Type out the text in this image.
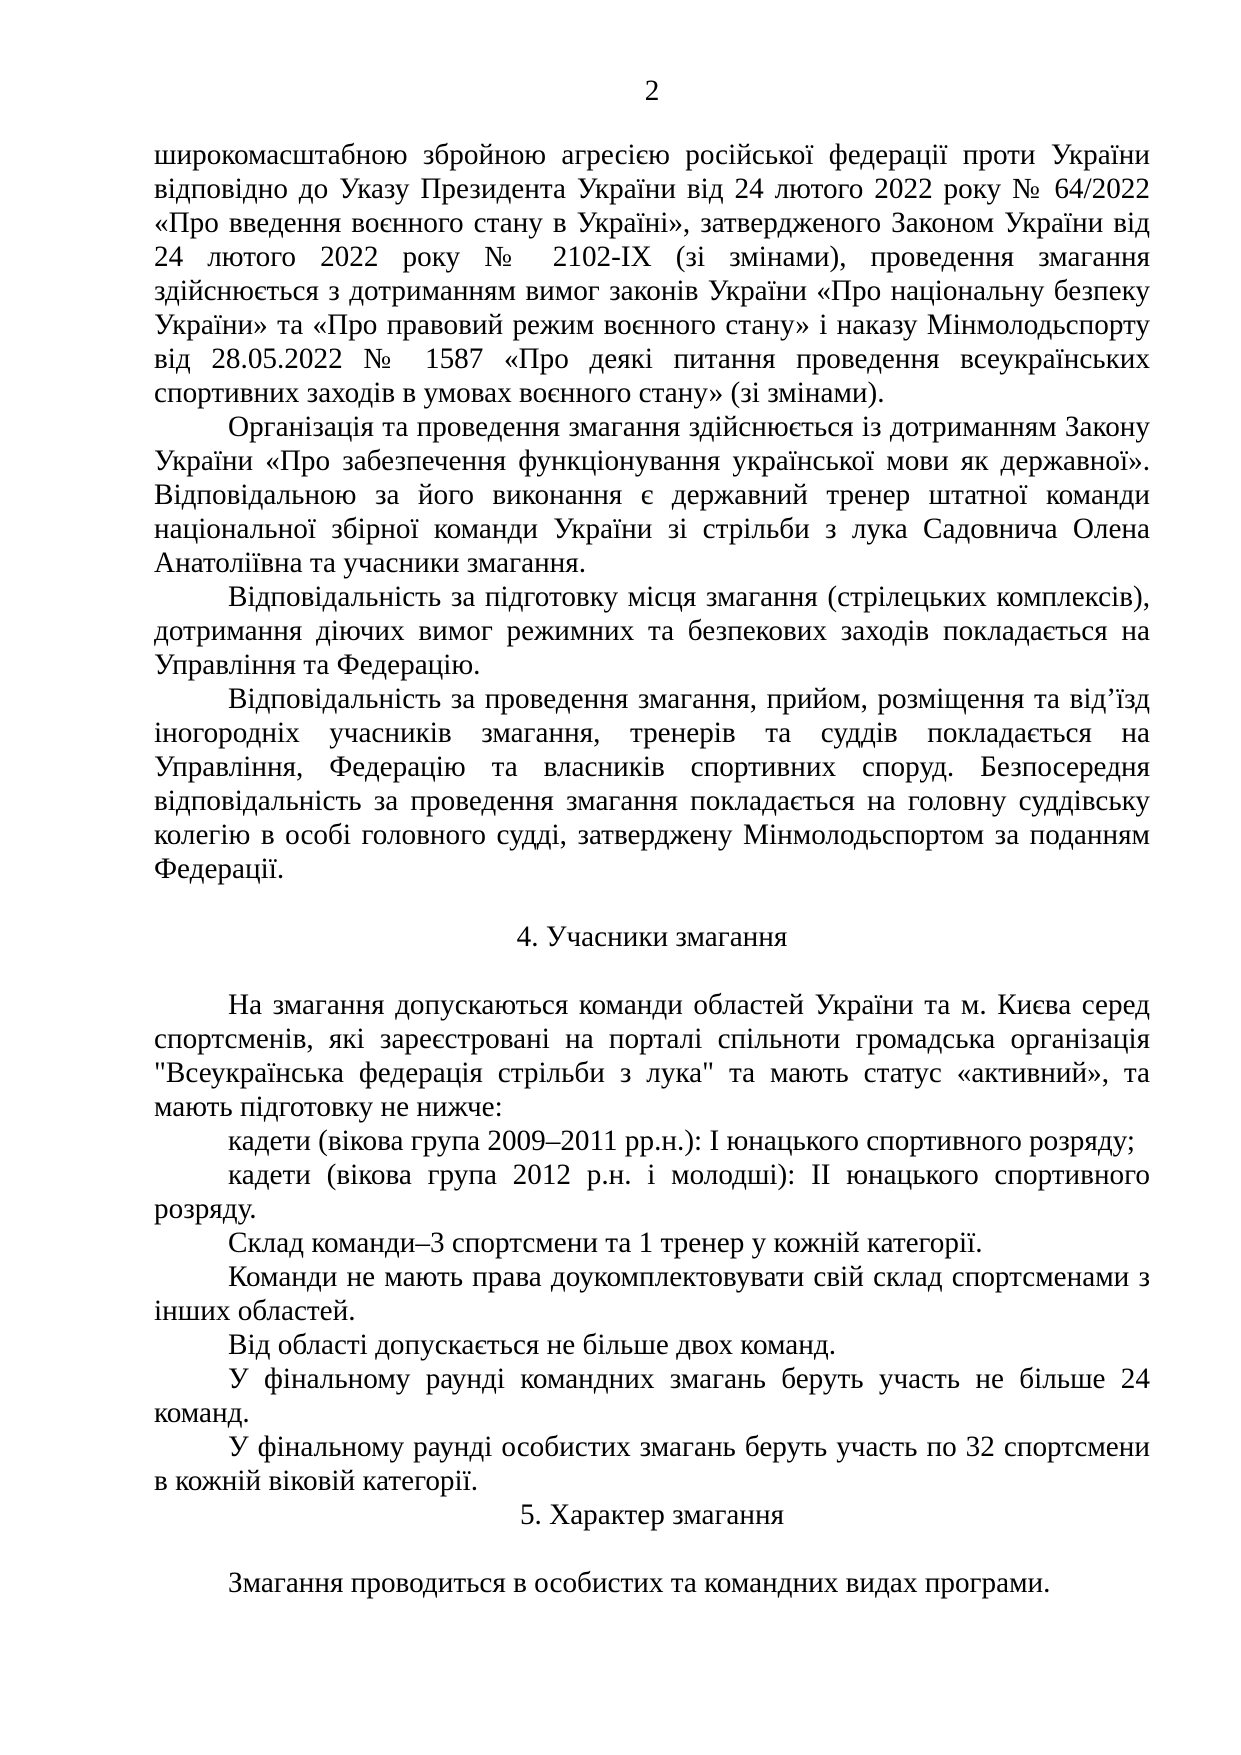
2

широкомасштабною збройною агресією російської федерації проти України відповідно до Указу Президента України від 24 лютого 2022 року № 64/2022 «Про введення воєнного стану в Україні», затвердженого Законом України від 24 лютого 2022 року № 2102-IX (зі змінами), проведення змагання здійснюється з дотриманням вимог законів України «Про національну безпеку України» та «Про правовий режим воєнного стану» і наказу Мінмолодьспорту від 28.05.2022 № 1587 «Про деякі питання проведення всеукраїнських спортивних заходів в умовах воєнного стану» (зі змінами).

Організація та проведення змагання здійснюється із дотриманням Закону України «Про забезпечення функціонування української мови як державної». Відповідальною за його виконання є державний тренер штатної команди національної збірної команди України зі стрільби з лука Садовнича Олена Анатоліївна та учасники змагання.

Відповідальність за підготовку місця змагання (стрілецьких комплексів), дотримання діючих вимог режимних та безпекових заходів покладається на Управління та Федерацію.

Відповідальність за проведення змагання, прийом, розміщення та від’їзд іногородніх учасників змагання, тренерів та суддів покладається на Управління, Федерацію та власників спортивних споруд. Безпосередня відповідальність за проведення змагання покладається на головну суддівську колегію в особі головного судді, затверджену Мінмолодьспортом за поданням Федерації.

4. Учасники змагання

На змагання допускаються команди областей України та м. Києва серед спортсменів, які зареєстровані на порталі спільноти громадська організація "Всеукраїнська федерація стрільби з лука" та мають статус «активний», та мають підготовку не нижче:

кадети (вікова група 2009–2011 рр.н.): І юнацького спортивного розряду;

кадети (вікова група 2012 р.н. і молодші): ІІ юнацького спортивного розряду.

Склад команди–3 спортсмени та 1 тренер у кожній категорії.

Команди не мають права доукомплектовувати свій склад спортсменами з інших областей.

Від області допускається не більше двох команд.

У фінальному раунді командних змагань беруть участь не більше 24 команд.

У фінальному раунді особистих змагань беруть участь по 32 спортсмени в кожній віковій категорії.

5. Характер змагання

Змагання проводиться в особистих та командних видах програми.
